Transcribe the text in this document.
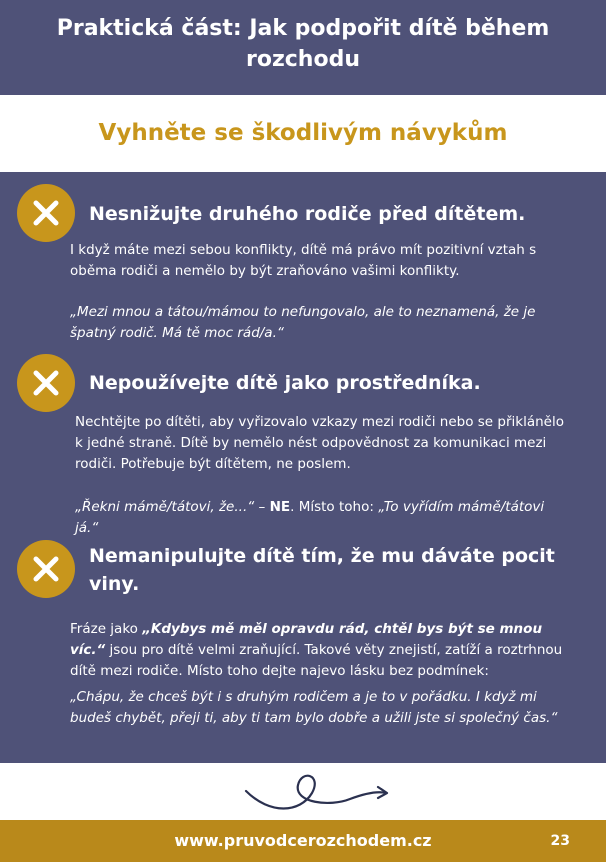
Praktická část: Jak podpořit dítě během rozchodu
Vyhněte se škodlivým návykům
Nesnižujte druhého rodiče před dítětem.
I když máte mezi sebou konflikty, dítě má právo mít pozitivní vztah s oběma rodiči a nemělo by být zraňováno vašimi konflikty.
„Mezi mnou a tátou/mámou to nefungovalo, ale to neznamená, že je špatný rodič. Má tě moc rád/a.“
Nepoužívejte dítě jako prostředníka.
Nechtějte po dítěti, aby vyřizovalo vzkazy mezi rodiči nebo se přiklánělo k jedné straně. Dítě by nemělo nést odpovědnost za komunikaci mezi rodiči. Potřebuje být dítětem, ne poslem.
„Řekni mámě/tátovi, že...“ – NE. Místo toho: „To vyřídím mámě/tátovi já.“
Nemanipulujte dítě tím, že mu dáváte pocit viny.
Fráze jako „Kdybys mě měl opravdu rád, chtěl bys být se mnou víc.“ jsou pro dítě velmi zraňující. Takové věty znejistí, zatíží a roztrhnou dítě mezi rodiče. Místo toho dejte najevo lásku bez podmínek:
„Chápu, že chceš být i s druhým rodičem a je to v pořádku. I když mi budeš chybět, přeji ti, aby ti tam bylo dobře a užili jste si společný čas.“
www.pruvodcerozchodem.cz	23
